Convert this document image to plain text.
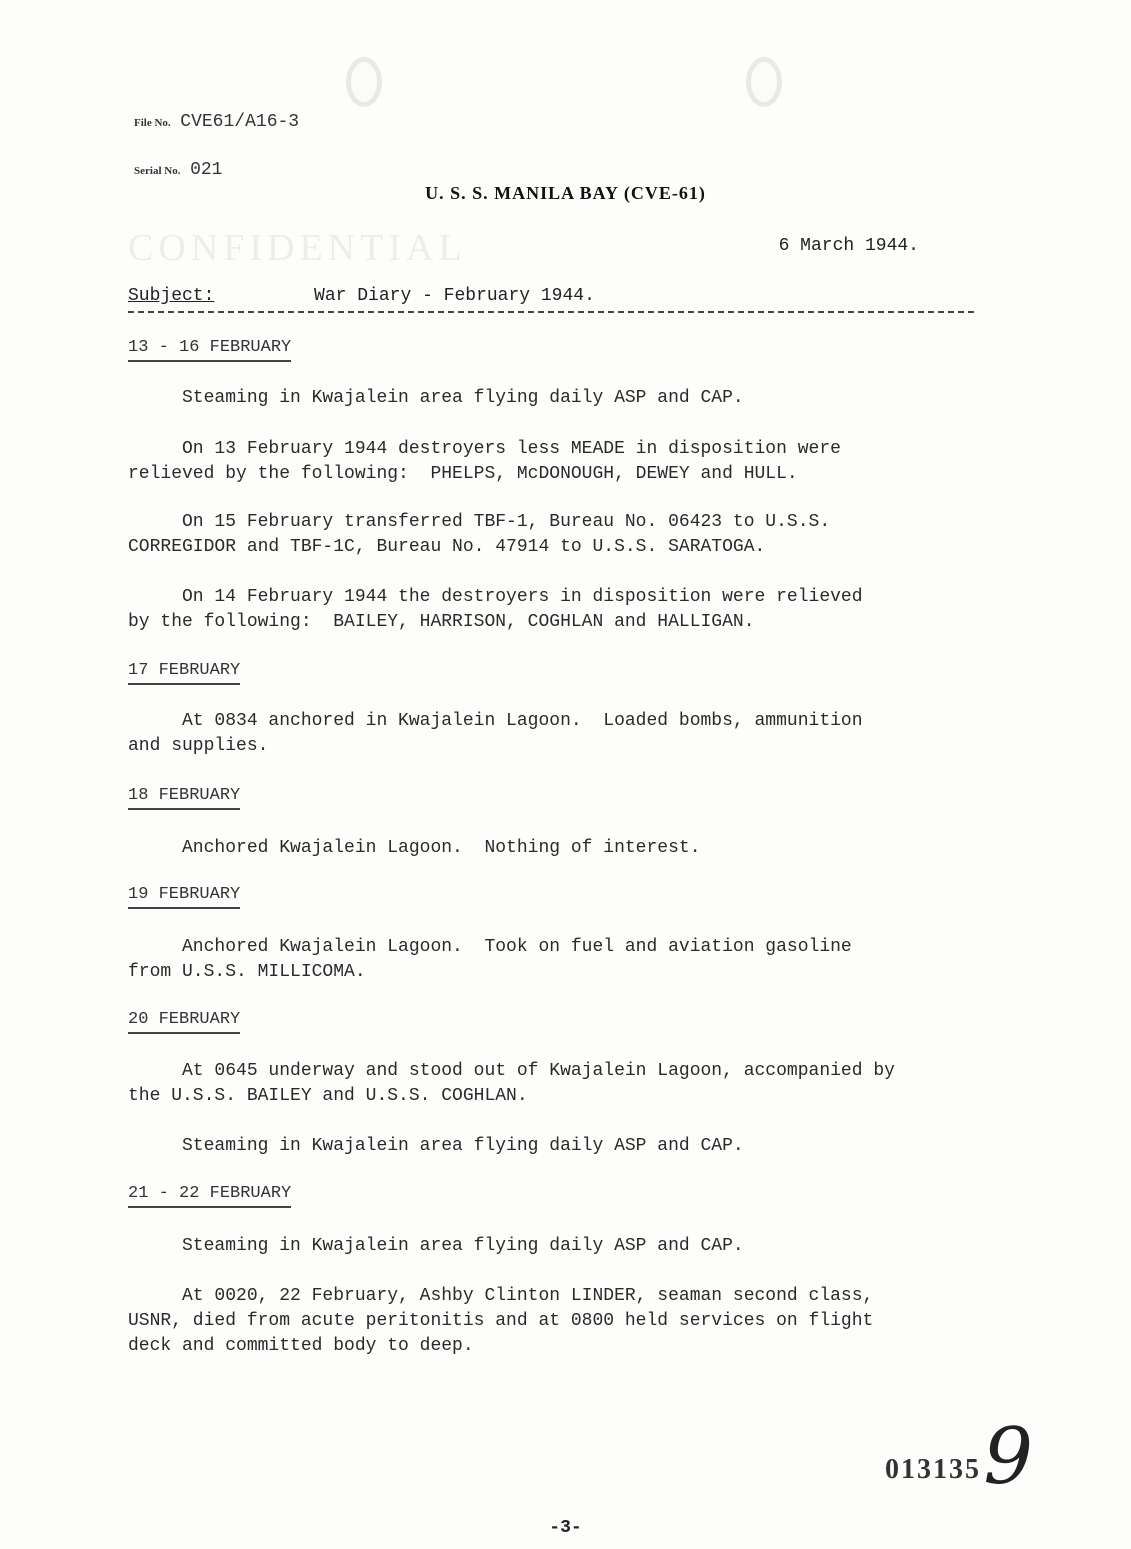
File No. CVE61/A16-3
Serial No. 021
U. S. S. MANILA BAY (CVE-61)
CONFIDENTIAL	6 March 1944.
Subject:	War Diary - February 1944.
13 - 16 FEBRUARY

Steaming in Kwajalein area flying daily ASP and CAP.

On 13 February 1944 destroyers less MEADE in disposition were
relieved by the following:  PHELPS, McDONOUGH, DEWEY and HULL.

On 15 February transferred TBF-1, Bureau No. 06423 to U.S.S.
CORREGIDOR and TBF-1C, Bureau No. 47914 to U.S.S. SARATOGA.

On 14 February 1944 the destroyers in disposition were relieved
by the following:  BAILEY, HARRISON, COGHLAN and HALLIGAN.

17 FEBRUARY

At 0834 anchored in Kwajalein Lagoon.  Loaded bombs, ammunition
and supplies.

18 FEBRUARY

Anchored Kwajalein Lagoon.  Nothing of interest.

19 FEBRUARY

Anchored Kwajalein Lagoon.  Took on fuel and aviation gasoline
from U.S.S. MILLICOMA.

20 FEBRUARY

At 0645 underway and stood out of Kwajalein Lagoon, accompanied by
the U.S.S. BAILEY and U.S.S. COGHLAN.

Steaming in Kwajalein area flying daily ASP and CAP.

21 - 22 FEBRUARY

Steaming in Kwajalein area flying daily ASP and CAP.

At 0020, 22 February, Ashby Clinton LINDER, seaman second class,
USNR, died from acute peritonitis and at 0800 held services on flight
deck and committed body to deep.

013135 9
-3-
